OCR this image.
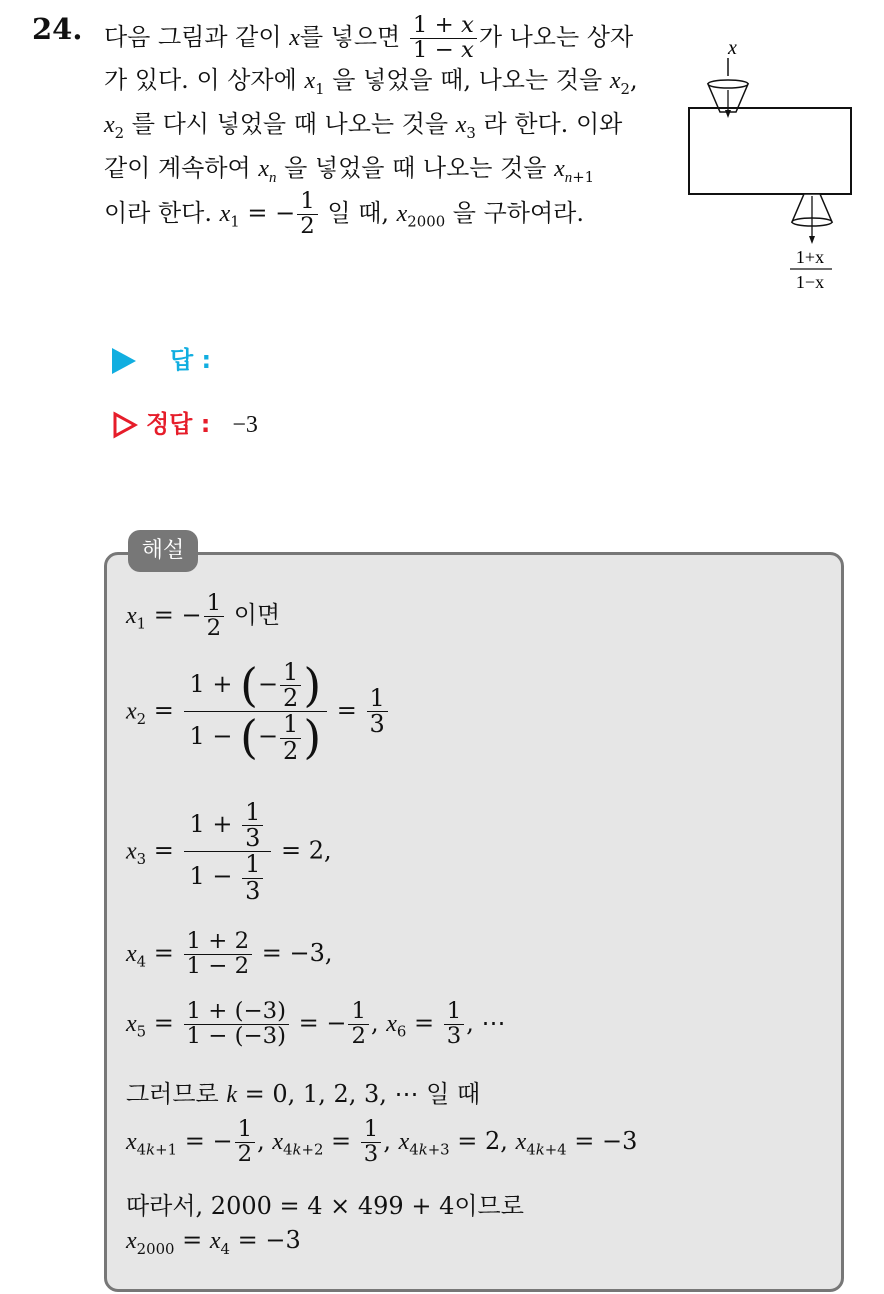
24. 다음 그림과 같이 x를 넣으면 $\frac{1 + x}{1 - x}$ 가 나오는 상자
가 있다. 이 상자에 $x_1$ 을 넣었을 때, 나오는 것을 $x_2$,
$x_2$ 를 다시 넣었을 때 나오는 것을 $x_3$ 라 한다. 이와
같이 계속하여 $x_n$ 을 넣었을 때 나오는 것을 $x_{n+1}$
이라 한다. $x_1$ = − $\frac{1}{2}$ 일 때, $x_{2000}$ 을 구하여라.
x
1+x
1−x
답 :
정답 : −3
해설
$x_1$ = − $\frac{1}{2}$ 이면
$x_2 = \frac{1 + (- \frac{1}{2} )}{1 - (- \frac{1}{2} )} = \frac{1}{3}$
$x_3 = \frac{1 + \frac{1}{3}}{1 - \frac{1}{3}} = 2$,
$x_4 = \frac{1 + 2}{1 - 2} = -3$,
$x_5 = \frac{1 + (-3)}{1 - (-3)}$ = − $\frac{1}{2}$ , $x_6 = \frac{1}{3}$ , ⋯
그러므로 k = 0, 1, 2, 3, ⋯ 일 때
$x_{4k+1}$ = − $\frac{1}{2}$ , $x_{4k+2} = \frac{1}{3}$ , $x_{4k+3} = 2$, $x_{4k+4} = -3$
따라서, 2000 = 4 × 499 + 4이므로
$x_{2000} = x_4 = -3$
